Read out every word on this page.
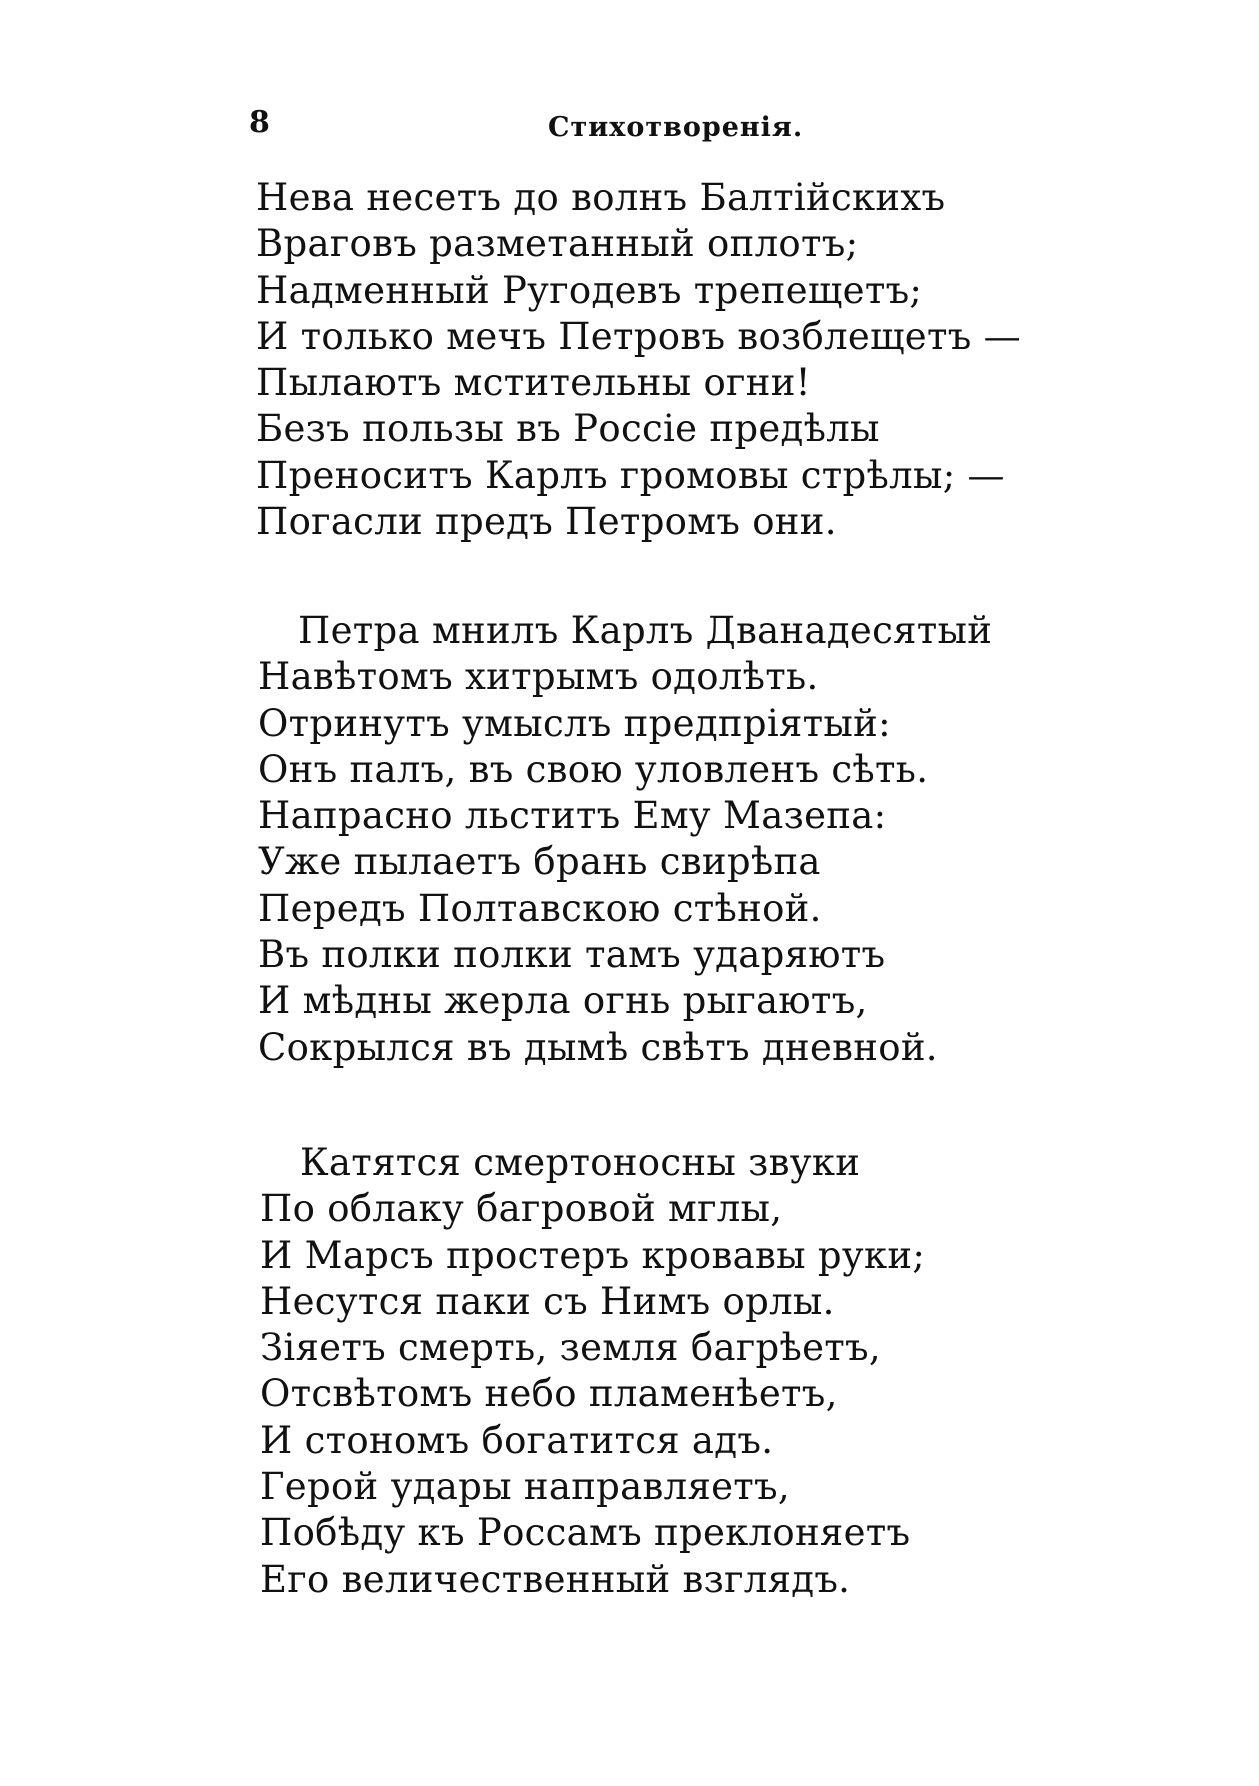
8	Стихотворенія.
Нева несетъ до волнъ Балтійскихъ
Враговъ разметанный оплотъ;
Надменный Ругодевъ трепещетъ;
И только мечъ Петровъ возблещетъ —
Пылаютъ мстительны огни!
Безъ пользы въ Россіе предѣлы
Преноситъ Карлъ громовы стрѣлы; —
Погасли предъ Петромъ они.
Петра мнилъ Карлъ Дванадесятый
Навѣтомъ хитрымъ одолѣть.
Отринутъ умыслъ предпріятый:
Онъ палъ, въ свою уловленъ сѣть.
Напрасно льститъ Ему Мазепа:
Уже пылаетъ брань свирѣпа
Передъ Полтавскою стѣной.
Въ полки полки тамъ ударяютъ
И мѣдны жерла огнь рыгаютъ,
Сокрылся въ дымѣ свѣтъ дневной.
Катятся смертоносны звуки
По облаку багровой мглы,
И Марсъ простеръ кровавы руки;
Несутся паки съ Нимъ орлы.
Зіяетъ смерть, земля багрѣетъ,
Отсвѣтомъ небо пламенѣетъ,
И стономъ богатится адъ.
Герой удары направляетъ,
Побѣду къ Россамъ преклоняетъ
Его величественный взглядъ.
